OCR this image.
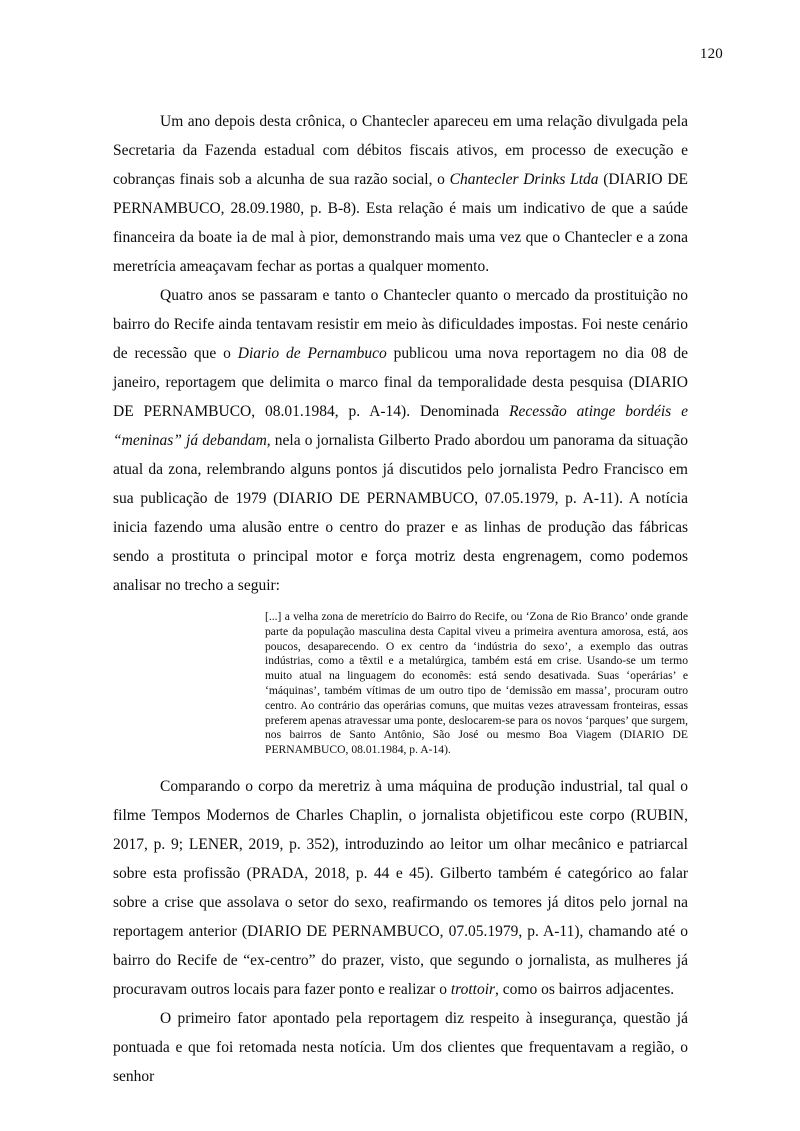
120

Um ano depois desta crônica, o Chantecler apareceu em uma relação divulgada pela Secretaria da Fazenda estadual com débitos fiscais ativos, em processo de execução e cobranças finais sob a alcunha de sua razão social, o Chantecler Drinks Ltda (DIARIO DE PERNAMBUCO, 28.09.1980, p. B-8). Esta relação é mais um indicativo de que a saúde financeira da boate ia de mal à pior, demonstrando mais uma vez que o Chantecler e a zona meretrícia ameaçavam fechar as portas a qualquer momento.

Quatro anos se passaram e tanto o Chantecler quanto o mercado da prostituição no bairro do Recife ainda tentavam resistir em meio às dificuldades impostas. Foi neste cenário de recessão que o Diario de Pernambuco publicou uma nova reportagem no dia 08 de janeiro, reportagem que delimita o marco final da temporalidade desta pesquisa (DIARIO DE PERNAMBUCO, 08.01.1984, p. A-14). Denominada Recessão atinge bordéis e “meninas” já debandam, nela o jornalista Gilberto Prado abordou um panorama da situação atual da zona, relembrando alguns pontos já discutidos pelo jornalista Pedro Francisco em sua publicação de 1979 (DIARIO DE PERNAMBUCO, 07.05.1979, p. A-11). A notícia inicia fazendo uma alusão entre o centro do prazer e as linhas de produção das fábricas sendo a prostituta o principal motor e força motriz desta engrenagem, como podemos analisar no trecho a seguir:

[...] a velha zona de meretrício do Bairro do Recife, ou ‘Zona de Rio Branco’ onde grande parte da população masculina desta Capital viveu a primeira aventura amorosa, está, aos poucos, desaparecendo. O ex centro da ‘indústria do sexo’, a exemplo das outras indústrias, como a têxtil e a metalúrgica, também está em crise. Usando-se um termo muito atual na linguagem do economês: está sendo desativada. Suas ‘operárias’ e ‘máquinas’, também vítimas de um outro tipo de ‘demissão em massa’, procuram outro centro. Ao contrário das operárias comuns, que muitas vezes atravessam fronteiras, essas preferem apenas atravessar uma ponte, deslocarem-se para os novos ‘parques’ que surgem, nos bairros de Santo Antônio, São José ou mesmo Boa Viagem (DIARIO DE PERNAMBUCO, 08.01.1984, p. A-14).

Comparando o corpo da meretriz à uma máquina de produção industrial, tal qual o filme Tempos Modernos de Charles Chaplin, o jornalista objetificou este corpo (RUBIN, 2017, p. 9; LENER, 2019, p. 352), introduzindo ao leitor um olhar mecânico e patriarcal sobre esta profissão (PRADA, 2018, p. 44 e 45). Gilberto também é categórico ao falar sobre a crise que assolava o setor do sexo, reafirmando os temores já ditos pelo jornal na reportagem anterior (DIARIO DE PERNAMBUCO, 07.05.1979, p. A-11), chamando até o bairro do Recife de “ex-centro” do prazer, visto, que segundo o jornalista, as mulheres já procuravam outros locais para fazer ponto e realizar o trottoir, como os bairros adjacentes.

O primeiro fator apontado pela reportagem diz respeito à insegurança, questão já pontuada e que foi retomada nesta notícia. Um dos clientes que frequentavam a região, o senhor
